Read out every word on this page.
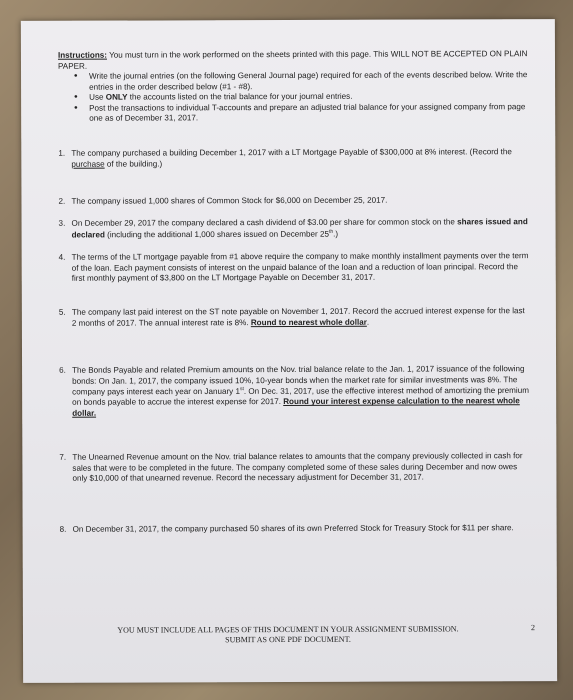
Instructions: You must turn in the work performed on the sheets printed with this page. This WILL NOT BE ACCEPTED ON PLAIN PAPER.

• Write the journal entries (on the following General Journal page) required for each of the events described below. Write the entries in the order described below (#1 - #8).
• Use ONLY the accounts listed on the trial balance for your journal entries.
• Post the transactions to individual T-accounts and prepare an adjusted trial balance for your assigned company from page one as of December 31, 2017.
1. The company purchased a building December 1, 2017 with a LT Mortgage Payable of $300,000 at 8% interest. (Record the purchase of the building.)
2. The company issued 1,000 shares of Common Stock for $6,000 on December 25, 2017.
3. On December 29, 2017 the company declared a cash dividend of $3.00 per share for common stock on the shares issued and declared (including the additional 1,000 shares issued on December 25th.)
4. The terms of the LT mortgage payable from #1 above require the company to make monthly installment payments over the term of the loan. Each payment consists of interest on the unpaid balance of the loan and a reduction of loan principal. Record the first monthly payment of $3,800 on the LT Mortgage Payable on December 31, 2017.
5. The company last paid interest on the ST note payable on November 1, 2017. Record the accrued interest expense for the last 2 months of 2017. The annual interest rate is 8%. Round to nearest whole dollar.
6. The Bonds Payable and related Premium amounts on the Nov. trial balance relate to the Jan. 1, 2017 issuance of the following bonds: On Jan. 1, 2017, the company issued 10%, 10-year bonds when the market rate for similar investments was 8%. The company pays interest each year on January 1st. On Dec. 31, 2017, use the effective interest method of amortizing the premium on bonds payable to accrue the interest expense for 2017. Round your interest expense calculation to the nearest whole dollar.
7. The Unearned Revenue amount on the Nov. trial balance relates to amounts that the company previously collected in cash for sales that were to be completed in the future. The company completed some of these sales during December and now owes only $10,000 of that unearned revenue. Record the necessary adjustment for December 31, 2017.
8. On December 31, 2017, the company purchased 50 shares of its own Preferred Stock for Treasury Stock for $11 per share.
YOU MUST INCLUDE ALL PAGES OF THIS DOCUMENT IN YOUR ASSIGNMENT SUBMISSION.
SUBMIT AS ONE PDF DOCUMENT.
2
